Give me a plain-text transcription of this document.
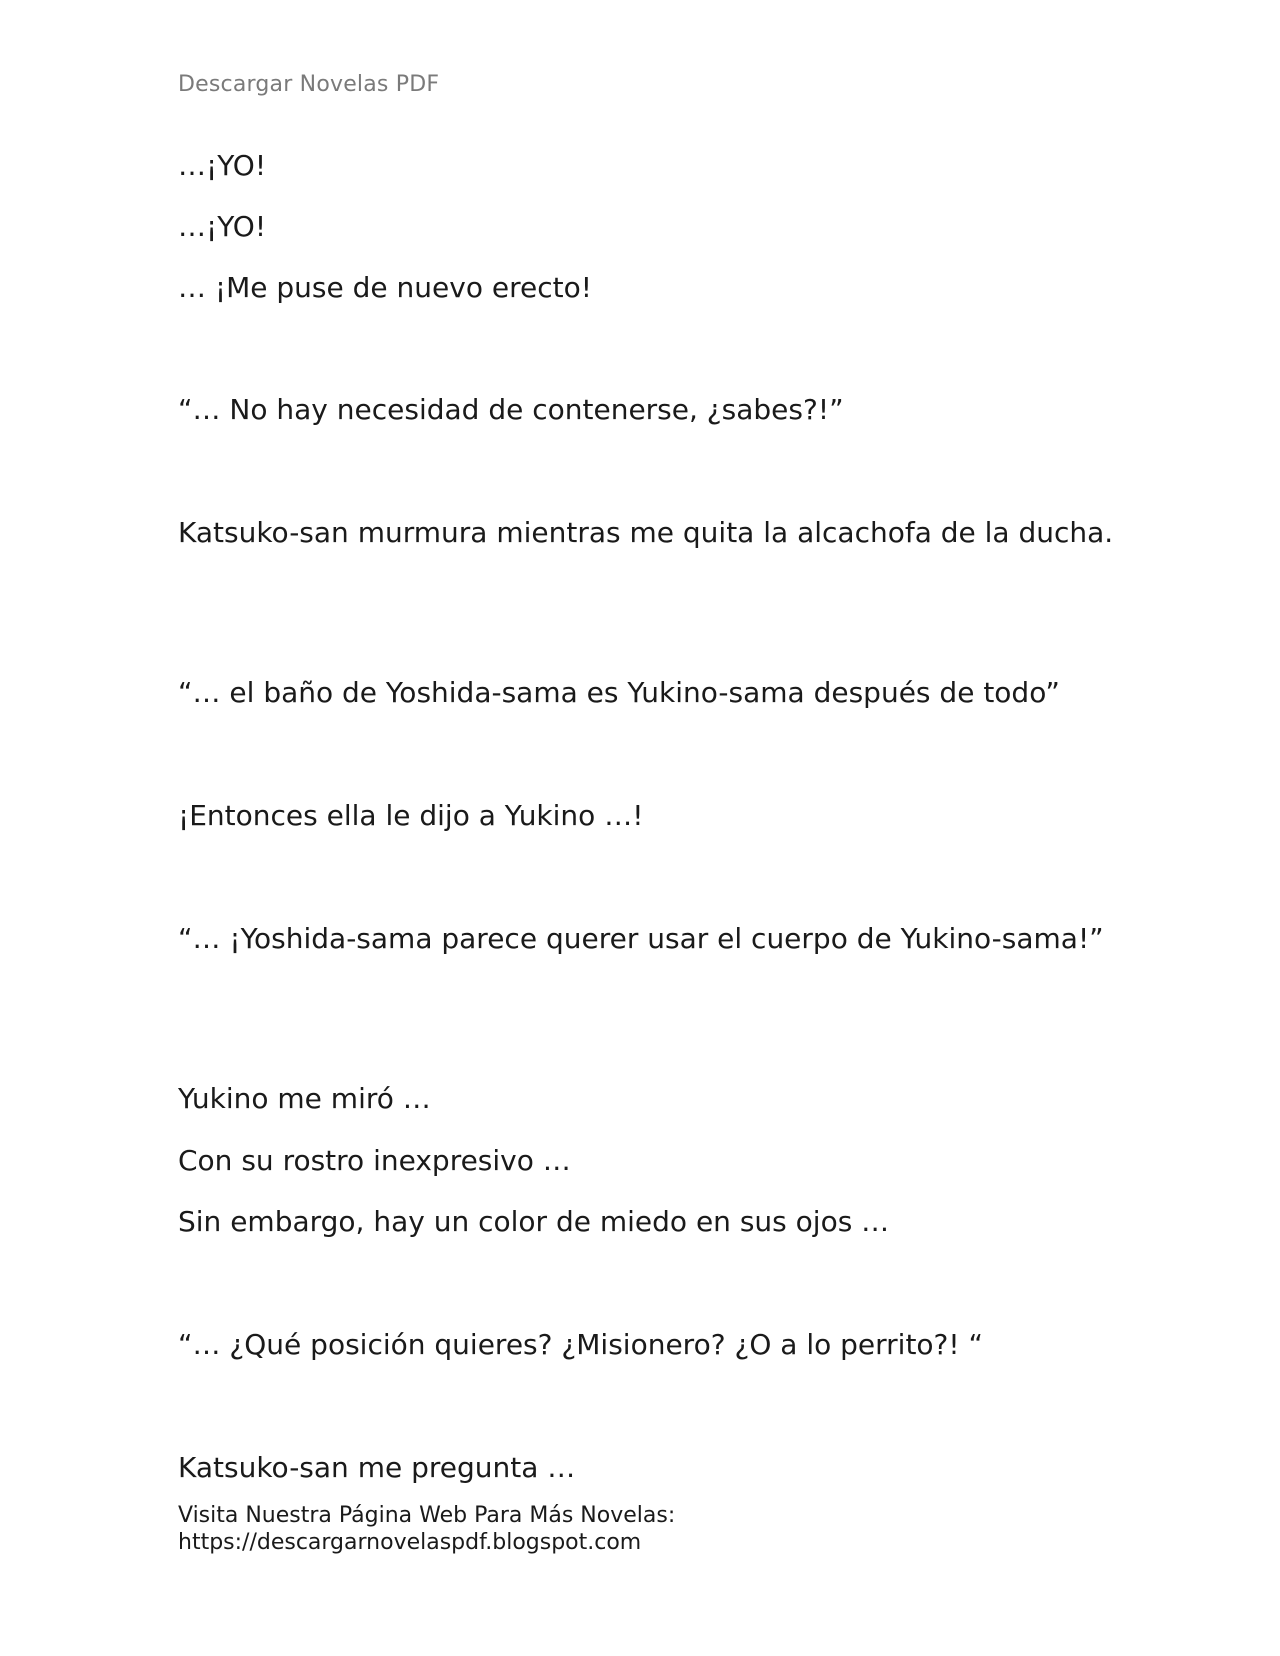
Descargar Novelas PDF
…¡YO!
…¡YO!
… ¡Me puse de nuevo erecto!
“… No hay necesidad de contenerse, ¿sabes?!”
Katsuko-san murmura mientras me quita la alcachofa de la ducha.
“… el baño de Yoshida-sama es Yukino-sama después de todo”
¡Entonces ella le dijo a Yukino …!
“… ¡Yoshida-sama parece querer usar el cuerpo de Yukino-sama!”
Yukino me miró …
Con su rostro inexpresivo …
Sin embargo, hay un color de miedo en sus ojos …
“… ¿Qué posición quieres? ¿Misionero? ¿O a lo perrito?! “
Katsuko-san me pregunta …
Visita Nuestra Página Web Para Más Novelas:
https://descargarnovelaspdf.blogspot.com
